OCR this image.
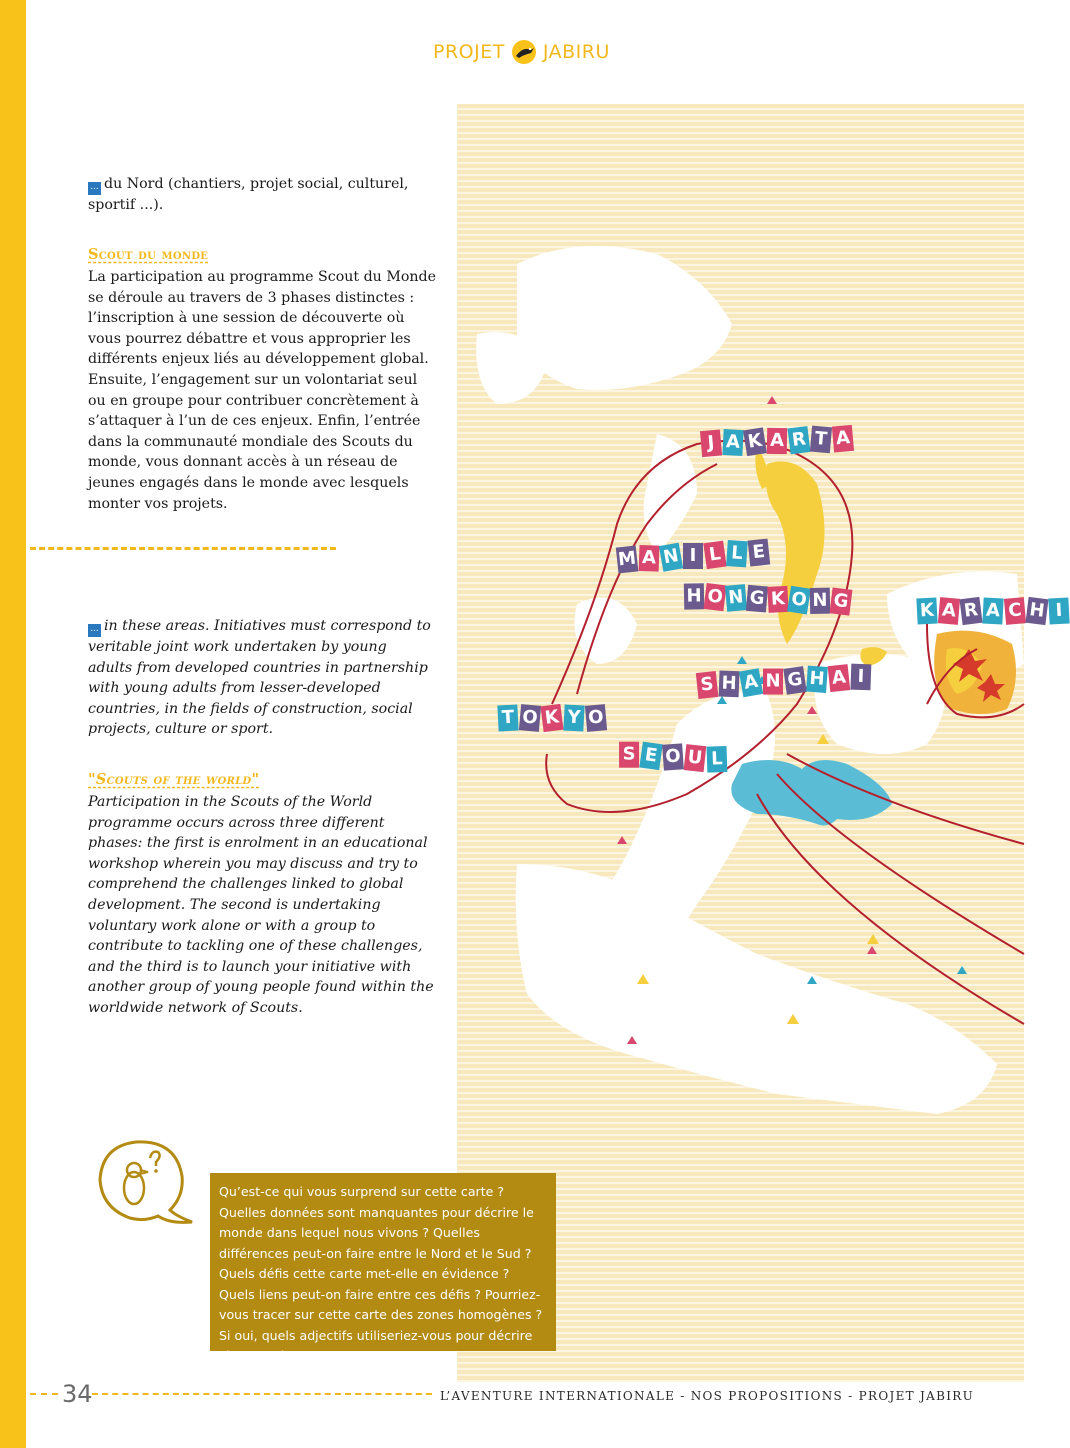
PROJET JABIRU
J A K A R T A
M A N I L L E
H O N G K O N G	K A R A C H I
S H A N G H A I
T O K Y O
S E O U L

... du Nord (chantiers, projet social, culturel, sportif ...).

Scout du monde

La participation au programme Scout du Monde se déroule au travers de 3 phases distinctes : l’inscription à une session de découverte où vous pourrez débattre et vous approprier les différents enjeux liés au développement global. Ensuite, l’engagement sur un volontariat seul ou en groupe pour contribuer concrètement à s’attaquer à l’un de ces enjeux. Enfin, l’entrée dans la communauté mondiale des Scouts du monde, vous donnant accès à un réseau de jeunes engagés dans le monde avec lesquels monter vos projets.

... in these areas. Initiatives must correspond to veritable joint work undertaken by young adults from developed countries in partnership with young adults from lesser-developed countries, in the fields of construction, social projects, culture or sport.

"Scouts of the world"

Participation in the Scouts of the World programme occurs across three different phases: the first is enrolment in an educational workshop wherein you may discuss and try to comprehend the challenges linked to global development. The second is undertaking voluntary work alone or with a group to contribute to tackling one of these challenges, and the third is to launch your initiative with another group of young people found within the worldwide network of Scouts.

Qu’est-ce qui vous surprend sur cette carte ? Quelles données sont manquantes pour décrire le monde dans lequel nous vivons ? Quelles différences peut-on faire entre le Nord et le Sud ? Quels défis cette carte met-elle en évidence ? Quels liens peut-on faire entre ces défis ? Pourriez-vous tracer sur cette carte des zones homogènes ? Si oui, quels adjectifs utiliseriez-vous pour décrire chacune de ces zones ?
34	L’AVENTURE INTERNATIONALE - NOS PROPOSITIONS - PROJET JABIRU
